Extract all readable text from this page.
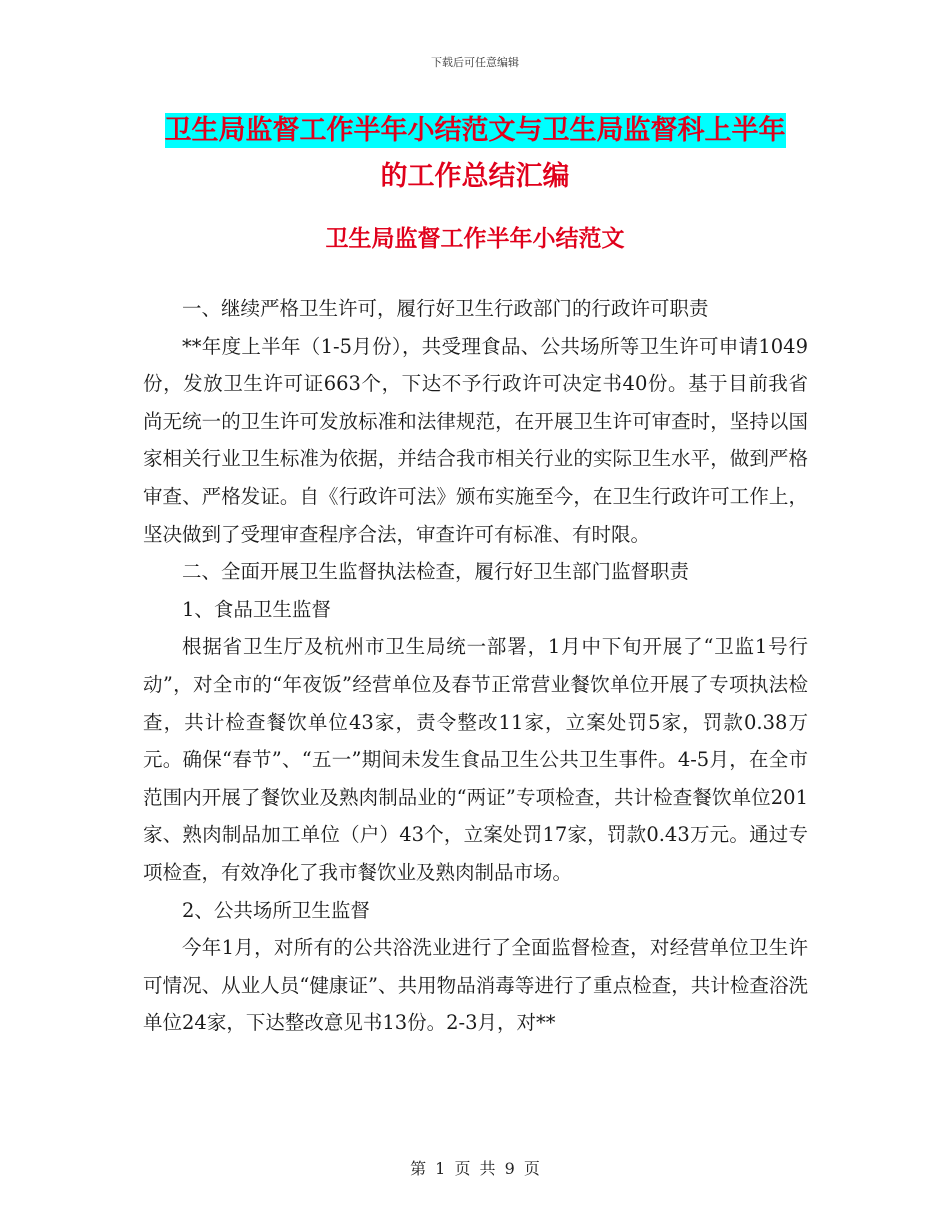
下载后可任意编辑
卫生局监督工作半年小结范文与卫生局监督科上半年
的工作总结汇编
卫生局监督工作半年小结范文

一、继续严格卫生许可，履行好卫生行政部门的行政许可职责

**年度上半年（1-5月份），共受理食品、公共场所等卫生许可申请1049份，发放卫生许可证663个，下达不予行政许可决定书40份。基于目前我省尚无统一的卫生许可发放标准和法律规范，在开展卫生许可审查时，坚持以国家相关行业卫生标准为依据，并结合我市相关行业的实际卫生水平，做到严格审查、严格发证。自《行政许可法》颁布实施至今，在卫生行政许可工作上，坚决做到了受理审查程序合法，审查许可有标准、有时限。

二、全面开展卫生监督执法检查，履行好卫生部门监督职责

1、食品卫生监督

根据省卫生厅及杭州市卫生局统一部署，1月中下旬开展了“卫监1号行动”，对全市的“年夜饭”经营单位及春节正常营业餐饮单位开展了专项执法检查，共计检查餐饮单位43家，责令整改11家，立案处罚5家，罚款0.38万元。确保“春节”、“五一”期间未发生食品卫生公共卫生事件。4-5月，在全市范围内开展了餐饮业及熟肉制品业的“两证”专项检查，共计检查餐饮单位201家、熟肉制品加工单位（户）43个，立案处罚17家，罚款0.43万元。通过专项检查，有效净化了我市餐饮业及熟肉制品市场。

2、公共场所卫生监督

今年1月，对所有的公共浴洗业进行了全面监督检查，对经营单位卫生许可情况、从业人员“健康证”、共用物品消毒等进行了重点检查，共计检查浴洗单位24家，下达整改意见书13份。2-3月，对**

第 1 页 共 9 页
